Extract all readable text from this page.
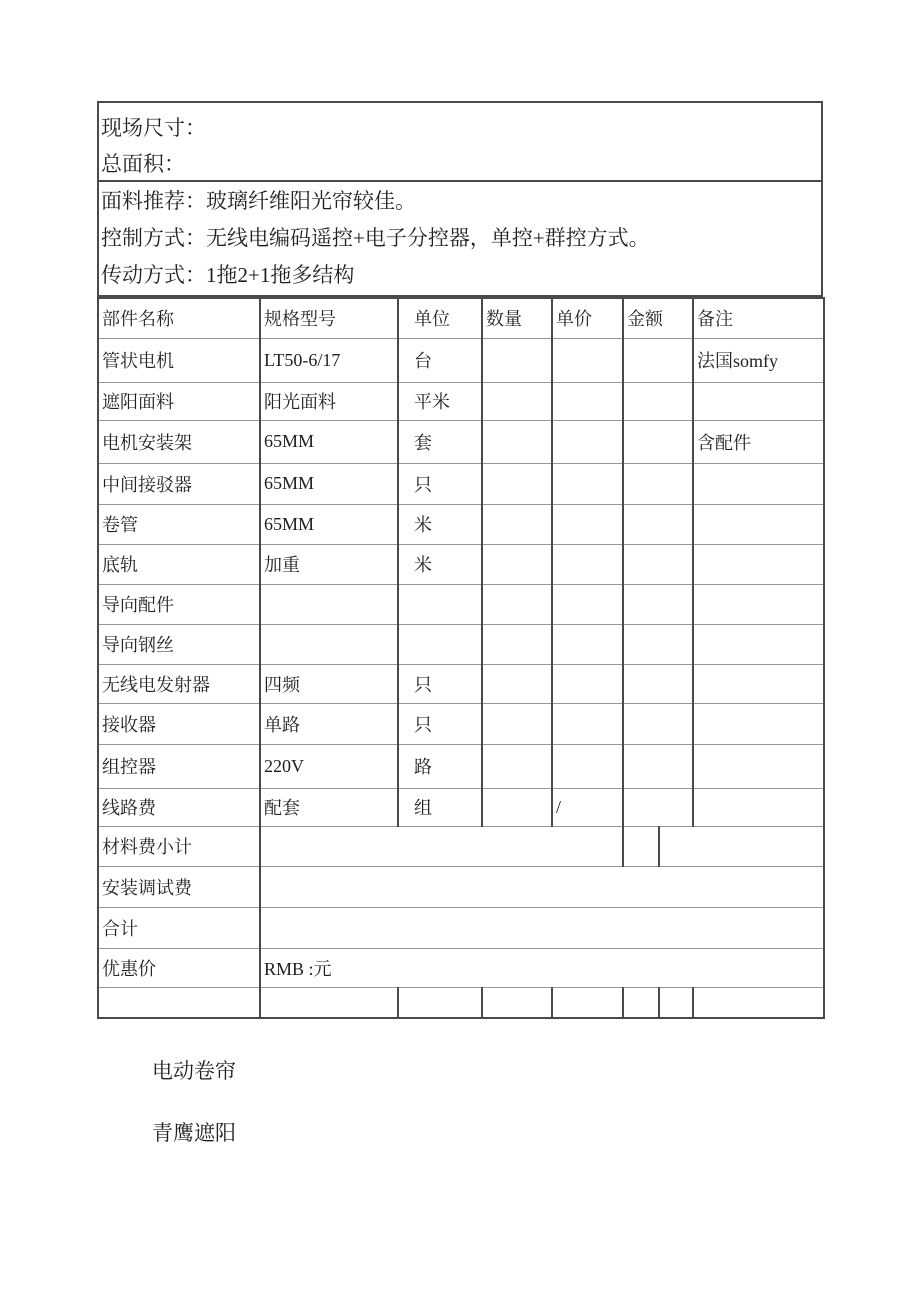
现场尺寸：
总面积：
面料推荐：玻璃纤维阳光帘较佳。
控制方式：无线电编码遥控+电子分控器，单控+群控方式。
传动方式：1拖2+1拖多结构
部件名称	规格型号	单位	数量	单价	金额		备注
管状电机	LT50-6/17	台					法国somfy
遮阳面料	阳光面料	平米					
电机安装架	65MM	套					含配件
中间接驳器	65MM	只					
卷管	65MM	米					
底轨	加重	米					
导向配件							
导向钢丝							
无线电发射器	四频	只					
接收器	单路	只					
组控器	220V	路					
线路费	配套	组		/			
材料费小计							
安装调试费							
合计							
优惠价	RMB :元						

电动卷帘
青鹰遮阳
